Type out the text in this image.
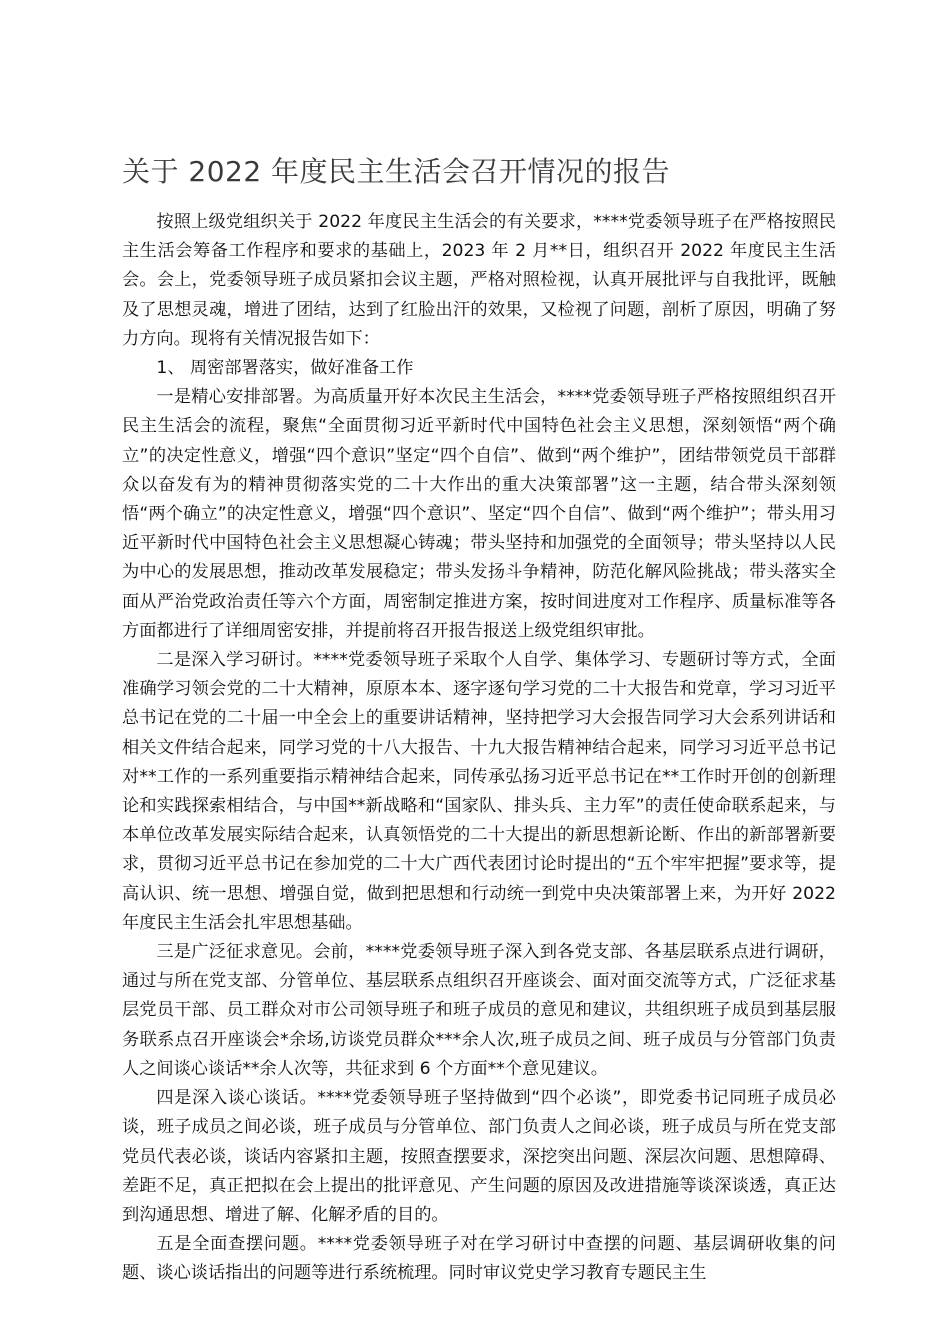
关于 2022 年度民主生活会召开情况的报告

按照上级党组织关于 2022 年度民主生活会的有关要求，****党委领导班子在严格按照民主生活会筹备工作程序和要求的基础上，2023 年 2 月**日，组织召开 2022 年度民主生活会。会上，党委领导班子成员紧扣会议主题，严格对照检视，认真开展批评与自我批评，既触及了思想灵魂，增进了团结，达到了红脸出汗的效果，又检视了问题，剖析了原因，明确了努力方向。现将有关情况报告如下：

1、 周密部署落实，做好准备工作

一是精心安排部署。为高质量开好本次民主生活会，****党委领导班子严格按照组织召开民主生活会的流程，聚焦“全面贯彻习近平新时代中国特色社会主义思想，深刻领悟“两个确立”的决定性意义，增强“四个意识”坚定“四个自信”、做到“两个维护”，团结带领党员干部群众以奋发有为的精神贯彻落实党的二十大作出的重大决策部署”这一主题，结合带头深刻领悟“两个确立”的决定性意义，增强“四个意识”、坚定“四个自信”、做到“两个维护”；带头用习近平新时代中国特色社会主义思想凝心铸魂；带头坚持和加强党的全面领导；带头坚持以人民为中心的发展思想，推动改革发展稳定；带头发扬斗争精神，防范化解风险挑战；带头落实全面从严治党政治责任等六个方面，周密制定推进方案，按时间进度对工作程序、质量标准等各方面都进行了详细周密安排，并提前将召开报告报送上级党组织审批。

二是深入学习研讨。****党委领导班子采取个人自学、集体学习、专题研讨等方式，全面准确学习领会党的二十大精神，原原本本、逐字逐句学习党的二十大报告和党章，学习习近平总书记在党的二十届一中全会上的重要讲话精神，坚持把学习大会报告同学习大会系列讲话和相关文件结合起来，同学习党的十八大报告、十九大报告精神结合起来，同学习习近平总书记对**工作的一系列重要指示精神结合起来，同传承弘扬习近平总书记在**工作时开创的创新理论和实践探索相结合，与中国**新战略和“国家队、排头兵、主力军”的责任使命联系起来，与本单位改革发展实际结合起来，认真领悟党的二十大提出的新思想新论断、作出的新部署新要求，贯彻习近平总书记在参加党的二十大广西代表团讨论时提出的“五个牢牢把握”要求等，提高认识、统一思想、增强自觉，做到把思想和行动统一到党中央决策部署上来，为开好 2022 年度民主生活会扎牢思想基础。

三是广泛征求意见。会前，****党委领导班子深入到各党支部、各基层联系点进行调研，通过与所在党支部、分管单位、基层联系点组织召开座谈会、面对面交流等方式，广泛征求基层党员干部、员工群众对市公司领导班子和班子成员的意见和建议，共组织班子成员到基层服务联系点召开座谈会*余场,访谈党员群众***余人次,班子成员之间、班子成员与分管部门负责人之间谈心谈话**余人次等，共征求到 6 个方面**个意见建议。

四是深入谈心谈话。****党委领导班子坚持做到“四个必谈”，即党委书记同班子成员必谈，班子成员之间必谈，班子成员与分管单位、部门负责人之间必谈，班子成员与所在党支部党员代表必谈，谈话内容紧扣主题，按照查摆要求，深挖突出问题、深层次问题、思想障碍、差距不足，真正把拟在会上提出的批评意见、产生问题的原因及改进措施等谈深谈透，真正达到沟通思想、增进了解、化解矛盾的目的。

五是全面查摆问题。****党委领导班子对在学习研讨中查摆的问题、基层调研收集的问题、谈心谈话指出的问题等进行系统梳理。同时审议党史学习教育专题民主生
